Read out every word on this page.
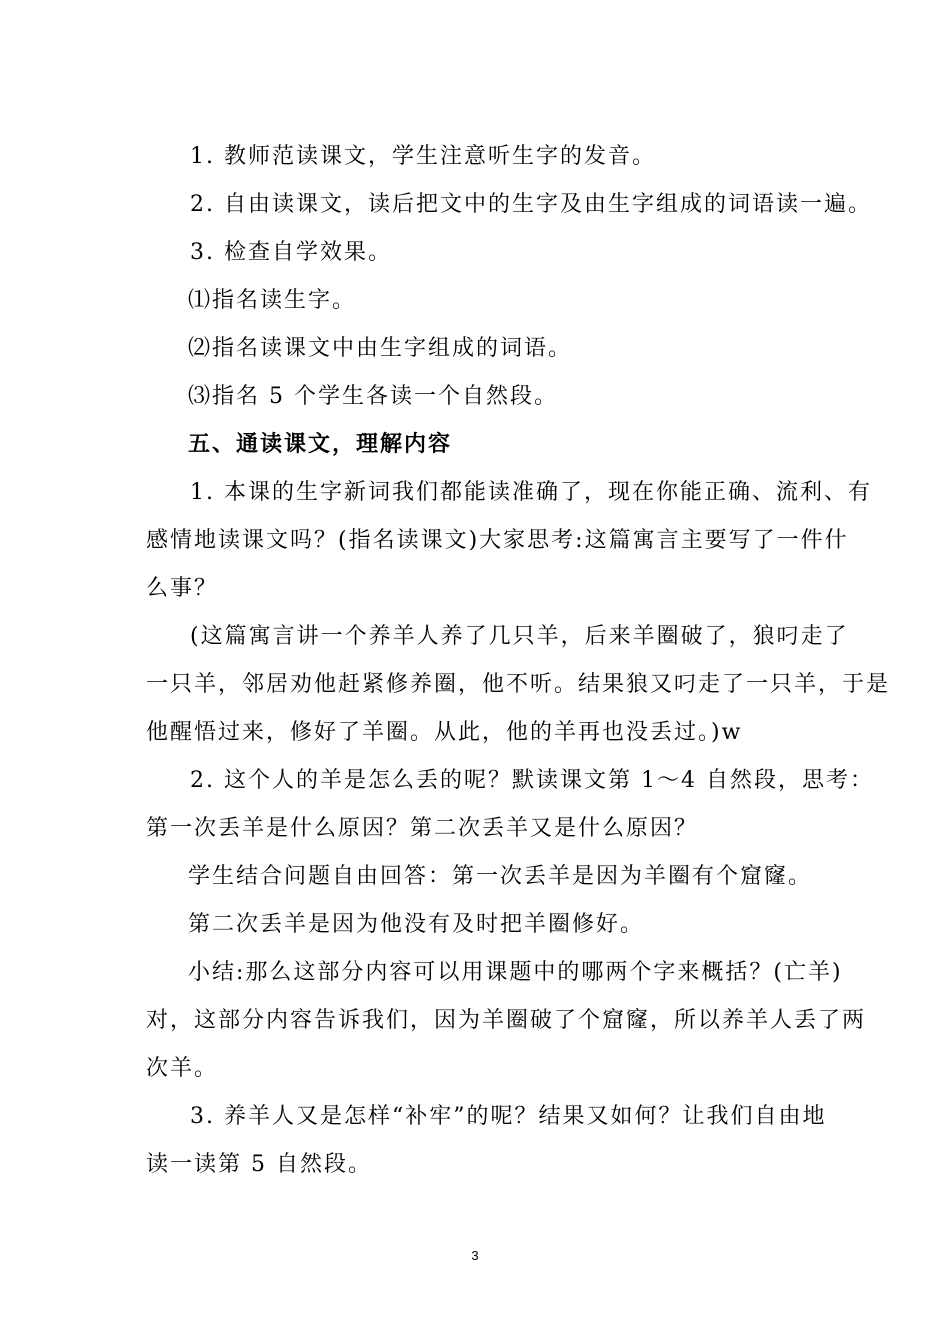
1. 教师范读课文，学生注意听生字的发音。
2. 自由读课文，读后把文中的生字及由生字组成的词语读一遍。
3. 检查自学效果。
⑴指名读生字。
⑵指名读课文中由生字组成的词语。
⑶指名 5 个学生各读一个自然段。
五、通读课文，理解内容
1. 本课的生字新词我们都能读准确了，现在你能正确、流利、有
感情地读课文吗？(指名读课文)大家思考:这篇寓言主要写了一件什
么事？
(这篇寓言讲一个养羊人养了几只羊，后来羊圈破了，狼叼走了
一只羊，邻居劝他赶紧修养圈，他不听。结果狼又叼走了一只羊，于是
他醒悟过来，修好了羊圈。从此，他的羊再也没丢过。)w
2. 这个人的羊是怎么丢的呢？默读课文第 1～4 自然段，思考：
第一次丢羊是什么原因？第二次丢羊又是什么原因？
学生结合问题自由回答：第一次丢羊是因为羊圈有个窟窿。
第二次丢羊是因为他没有及时把羊圈修好。
小结:那么这部分内容可以用课题中的哪两个字来概括？(亡羊)
对，这部分内容告诉我们，因为羊圈破了个窟窿，所以养羊人丢了两
次羊。
3. 养羊人又是怎样“补牢”的呢？结果又如何？让我们自由地
读一读第 5 自然段。
3
